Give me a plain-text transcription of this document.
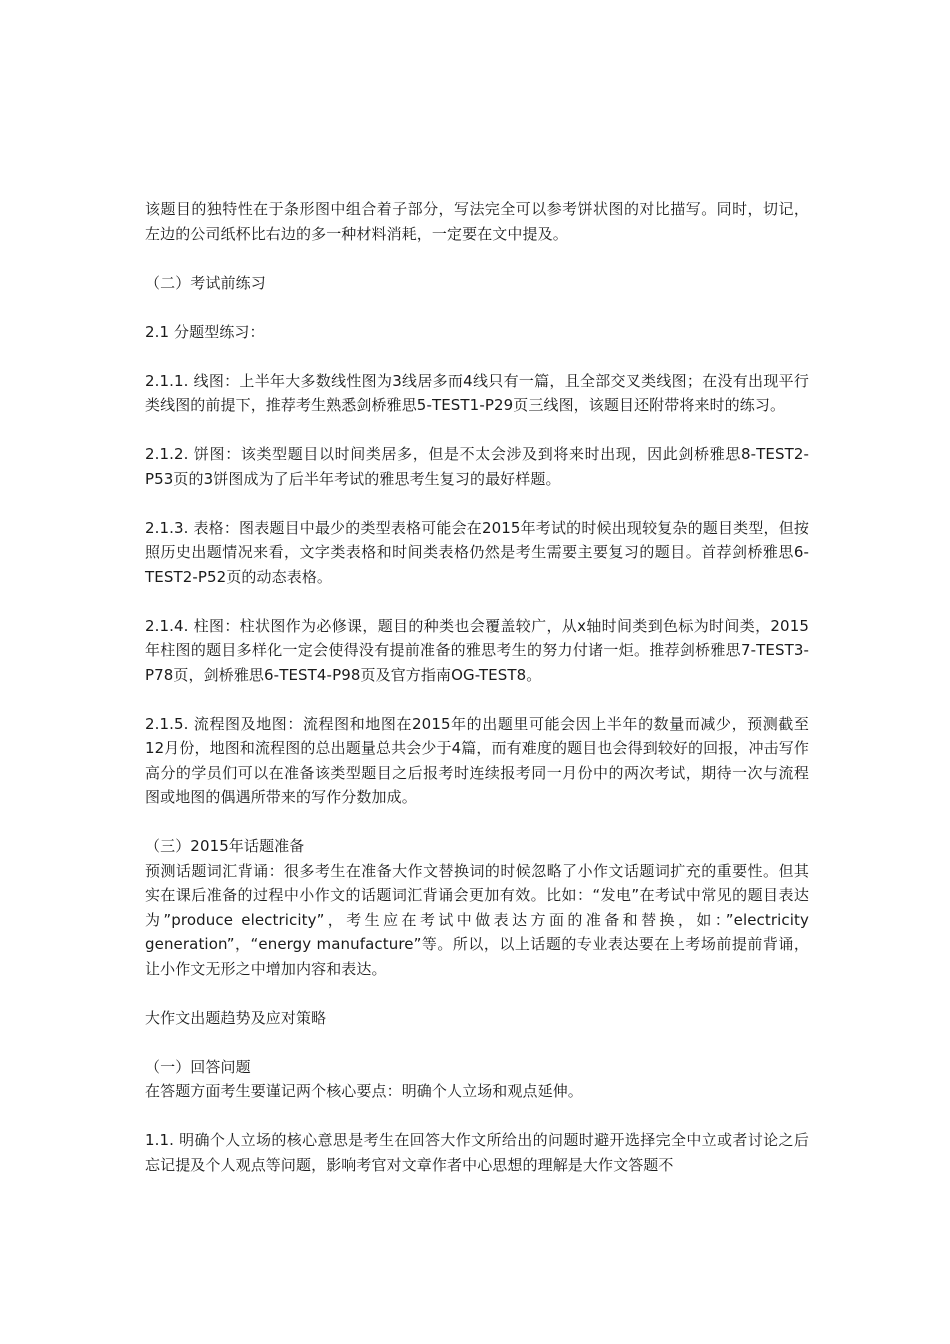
该题目的独特性在于条形图中组合着子部分，写法完全可以参考饼状图的对比描写。同时，切记，左边的公司纸杯比右边的多一种材料消耗，一定要在文中提及。

（二）考试前练习

2.1 分题型练习：

2.1.1. 线图：上半年大多数线性图为3线居多而4线只有一篇，且全部交叉类线图；在没有出现平行类线图的前提下，推荐考生熟悉剑桥雅思5-TEST1-P29页三线图，该题目还附带将来时的练习。

2.1.2. 饼图：该类型题目以时间类居多，但是不太会涉及到将来时出现，因此剑桥雅思8-TEST2-P53页的3饼图成为了后半年考试的雅思考生复习的最好样题。

2.1.3. 表格：图表题目中最少的类型表格可能会在2015年考试的时候出现较复杂的题目类型，但按照历史出题情况来看，文字类表格和时间类表格仍然是考生需要主要复习的题目。首荐剑桥雅思6-TEST2-P52页的动态表格。

2.1.4. 柱图：柱状图作为必修课，题目的种类也会覆盖较广，从x轴时间类到色标为时间类，2015年柱图的题目多样化一定会使得没有提前准备的雅思考生的努力付诸一炬。推荐剑桥雅思7-TEST3-P78页，剑桥雅思6-TEST4-P98页及官方指南OG-TEST8。

2.1.5. 流程图及地图：流程图和地图在2015年的出题里可能会因上半年的数量而减少，预测截至12月份，地图和流程图的总出题量总共会少于4篇，而有难度的题目也会得到较好的回报，冲击写作高分的学员们可以在准备该类型题目之后报考时连续报考同一月份中的两次考试，期待一次与流程图或地图的偶遇所带来的写作分数加成。

（三）2015年话题准备

预测话题词汇背诵：很多考生在准备大作文替换词的时候忽略了小作文话题词扩充的重要性。但其实在课后准备的过程中小作文的话题词汇背诵会更加有效。比如：“发电”在考试中常见的题目表达为”produce electricity”，考生应在考试中做表达方面的准备和替换，如：”electricity generation”，“energy manufacture”等。所以，以上话题的专业表达要在上考场前提前背诵，让小作文无形之中增加内容和表达。

大作文出题趋势及应对策略

（一）回答问题

在答题方面考生要谨记两个核心要点：明确个人立场和观点延伸。

1.1. 明确个人立场的核心意思是考生在回答大作文所给出的问题时避开选择完全中立或者讨论之后忘记提及个人观点等问题，影响考官对文章作者中心思想的理解是大作文答题不
